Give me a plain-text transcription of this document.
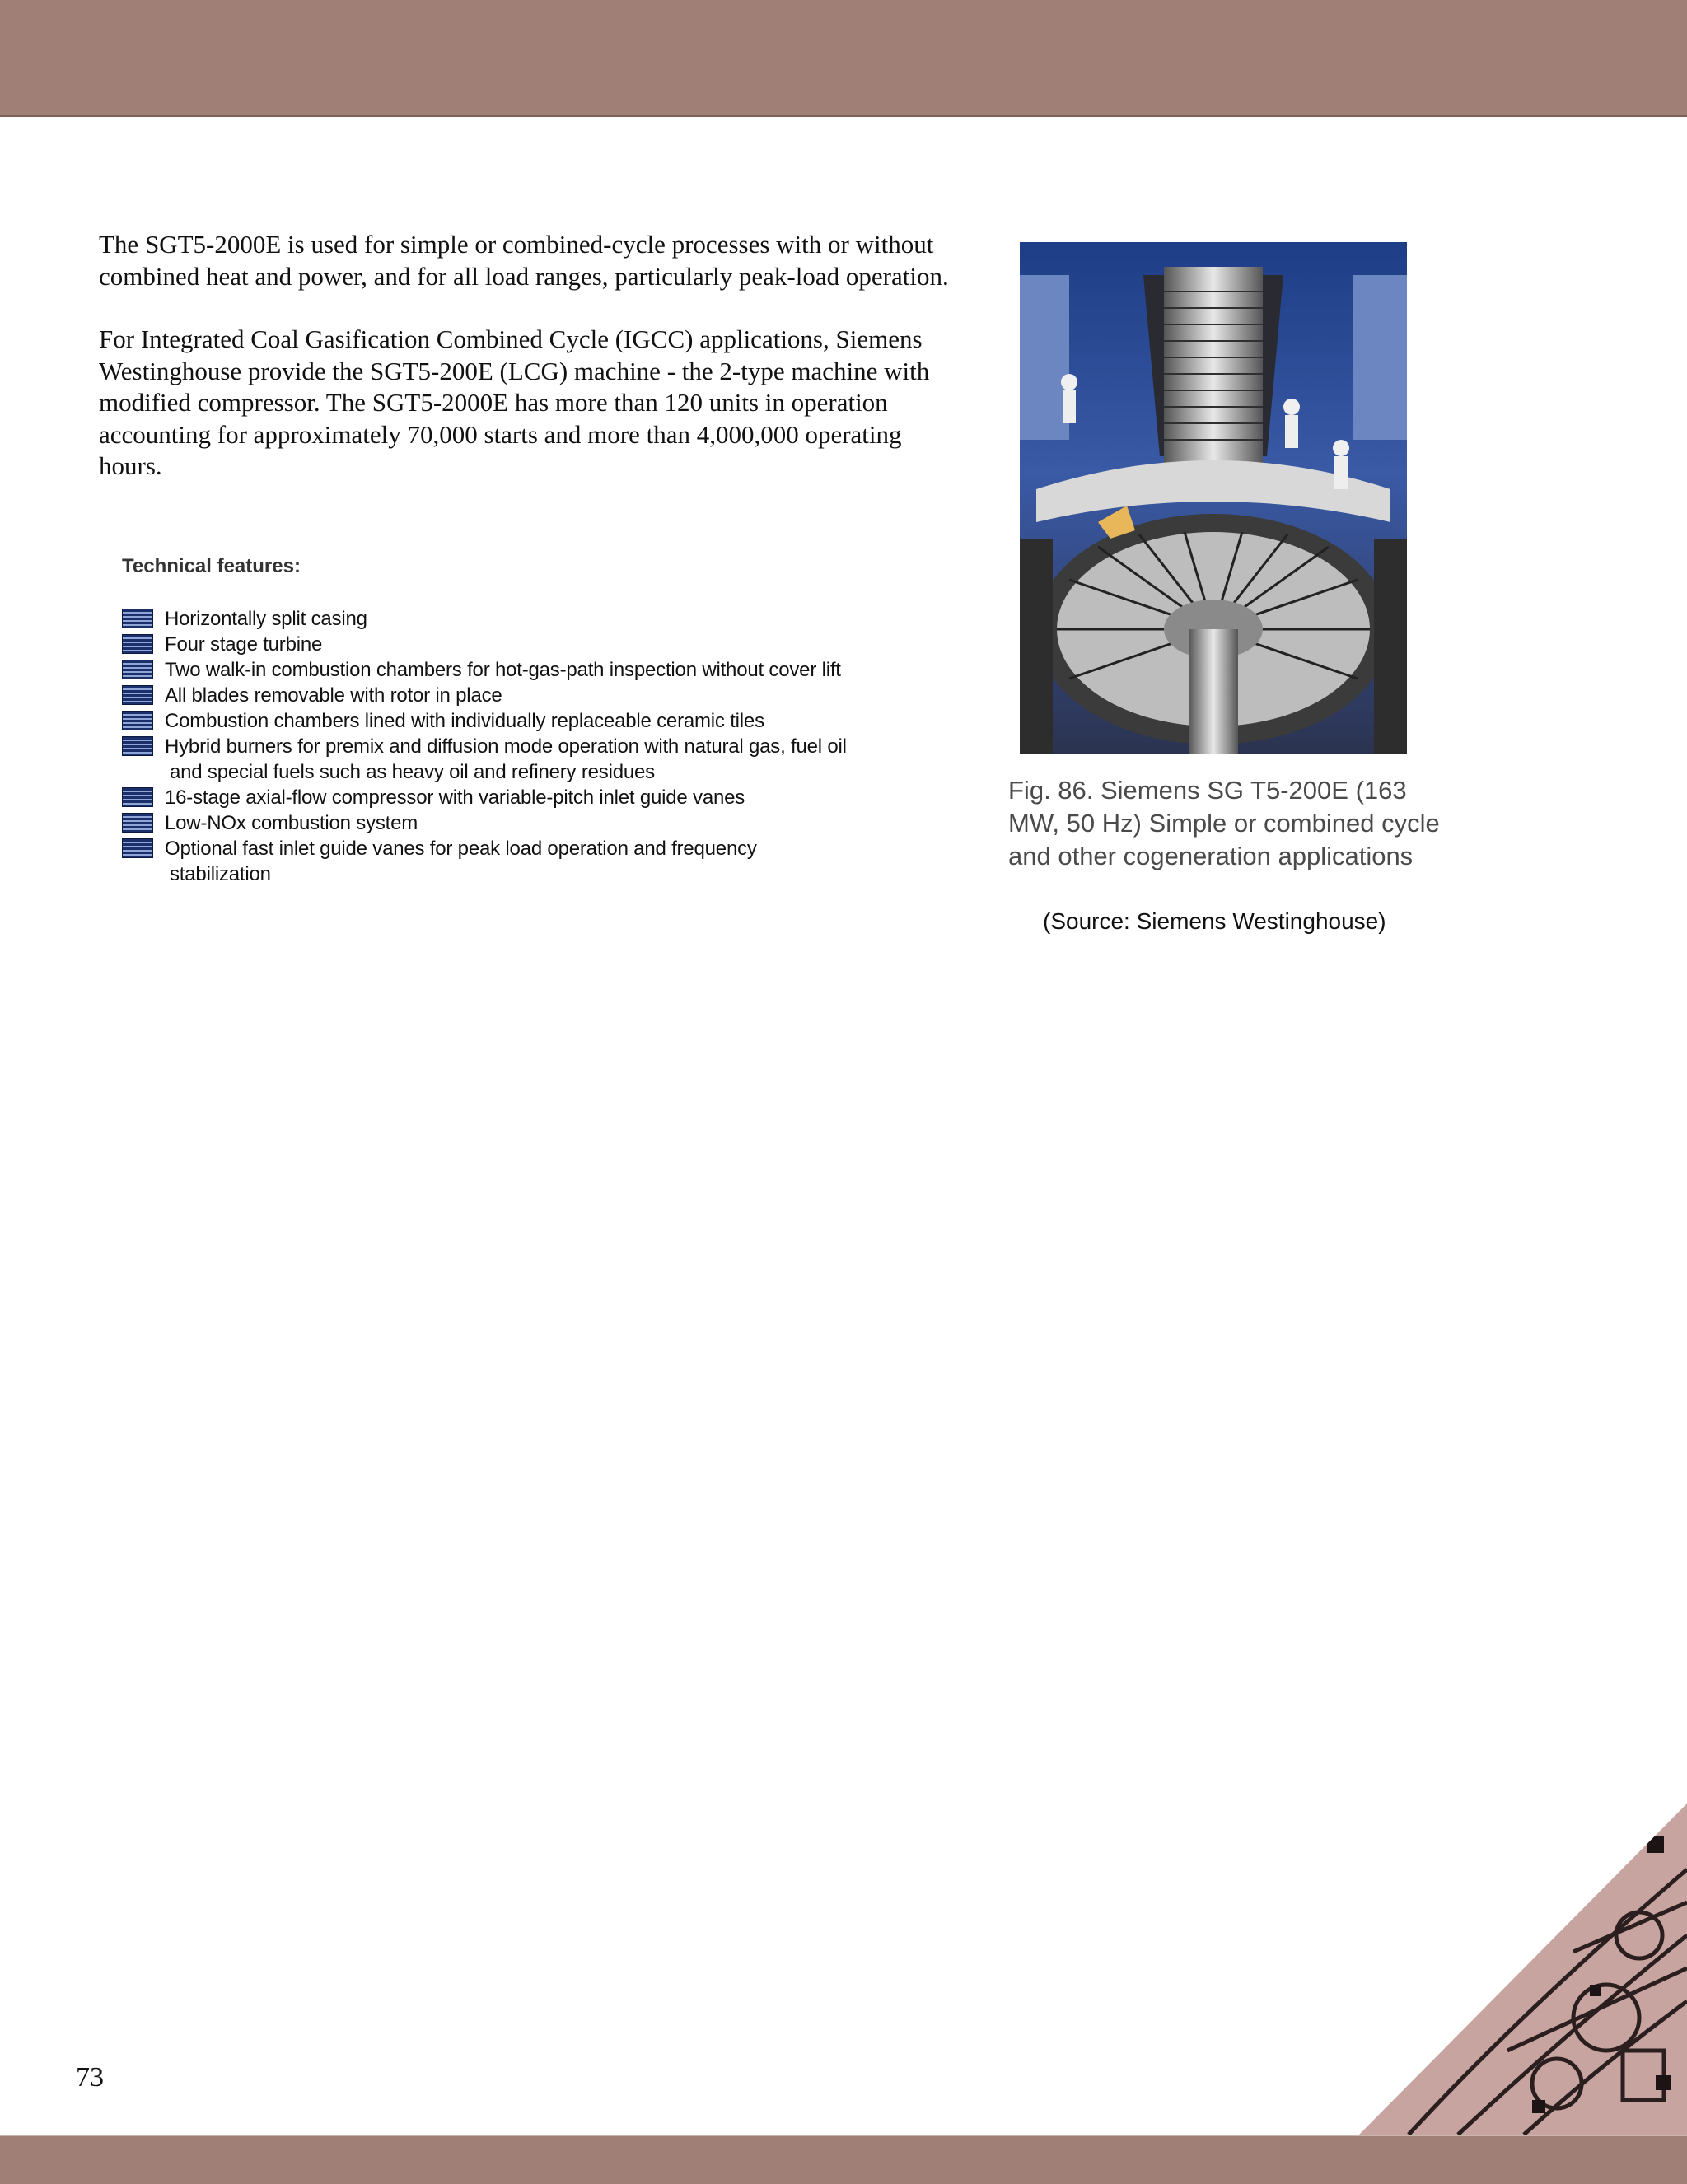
The SGT5-2000E is used for simple or combined-cycle processes with or without combined heat and power, and for all load ranges, particularly peak-load operation.

For Integrated Coal Gasification Combined Cycle (IGCC) applications, Siemens Westinghouse provide the SGT5-200E (LCG) machine - the 2-type machine with modified compressor. The SGT5-2000E has more than 120 units in operation accounting for approximately 70,000 starts and more than 4,000,000 operating hours.

Technical features:
Horizontally split casing
Four stage turbine
Two walk-in combustion chambers for hot-gas-path inspection without cover lift
All blades removable with rotor in place
Combustion chambers lined with individually replaceable ceramic tiles
Hybrid burners for premix and diffusion mode operation with natural gas, fuel oil
and special fuels such as heavy oil and refinery residues
16-stage axial-flow compressor with variable-pitch inlet guide vanes
Low-NOx combustion system
Optional fast inlet guide vanes for peak load operation and frequency
stabilization
Fig. 86. Siemens SG T5-200E (163 MW, 50 Hz) Simple or combined cycle and other cogeneration applications
(Source: Siemens Westinghouse)
73
